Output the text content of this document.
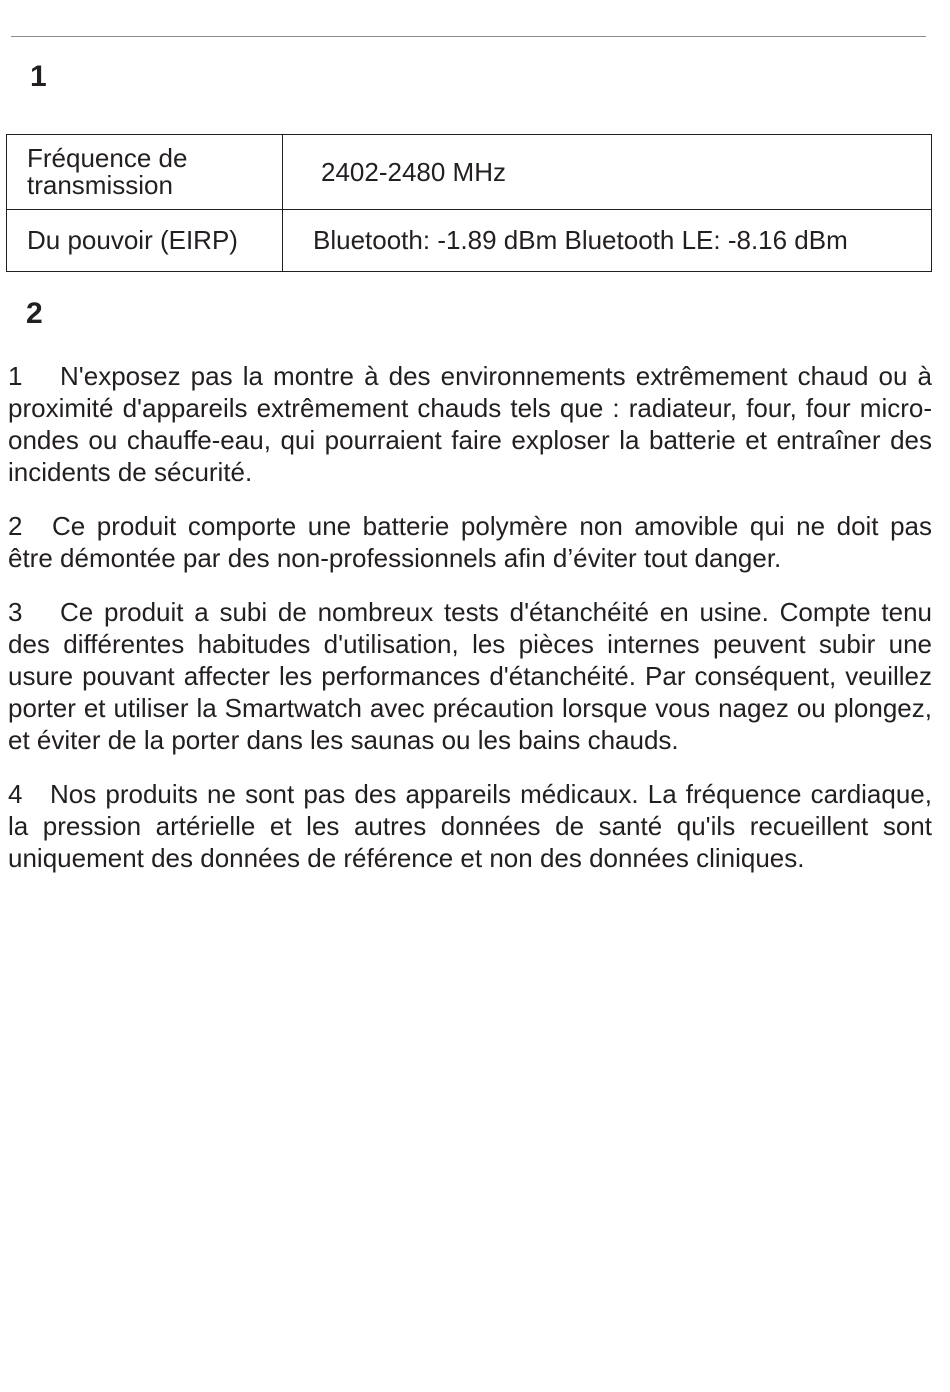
1
Fréquence de transmission	2402-2480 MHz
Du pouvoir (EIRP)	Bluetooth: -1.89 dBm Bluetooth LE: -8.16 dBm
2

1 N'exposez pas la montre à des environnements extrêmement chaud ou à proximité d'appareils extrêmement chauds tels que : radiateur, four, four micro-ondes ou chauffe-eau, qui pourraient faire exploser la batterie et entraîner des incidents de sécurité.

2 Ce produit comporte une batterie polymère non amovible qui ne doit pas être démontée par des non-professionnels afin d’éviter tout danger.

3 Ce produit a subi de nombreux tests d'étanchéité en usine. Compte tenu des différentes habitudes d'utilisation, les pièces internes peuvent subir une usure pouvant affecter les performances d'étanchéité. Par conséquent, veuillez porter et utiliser la Smartwatch avec précaution lorsque vous nagez ou plongez, et éviter de la porter dans les saunas ou les bains chauds.

4 Nos produits ne sont pas des appareils médicaux. La fréquence cardiaque, la pression artérielle et les autres données de santé qu'ils recueillent sont uniquement des données de référence et non des données cliniques.
